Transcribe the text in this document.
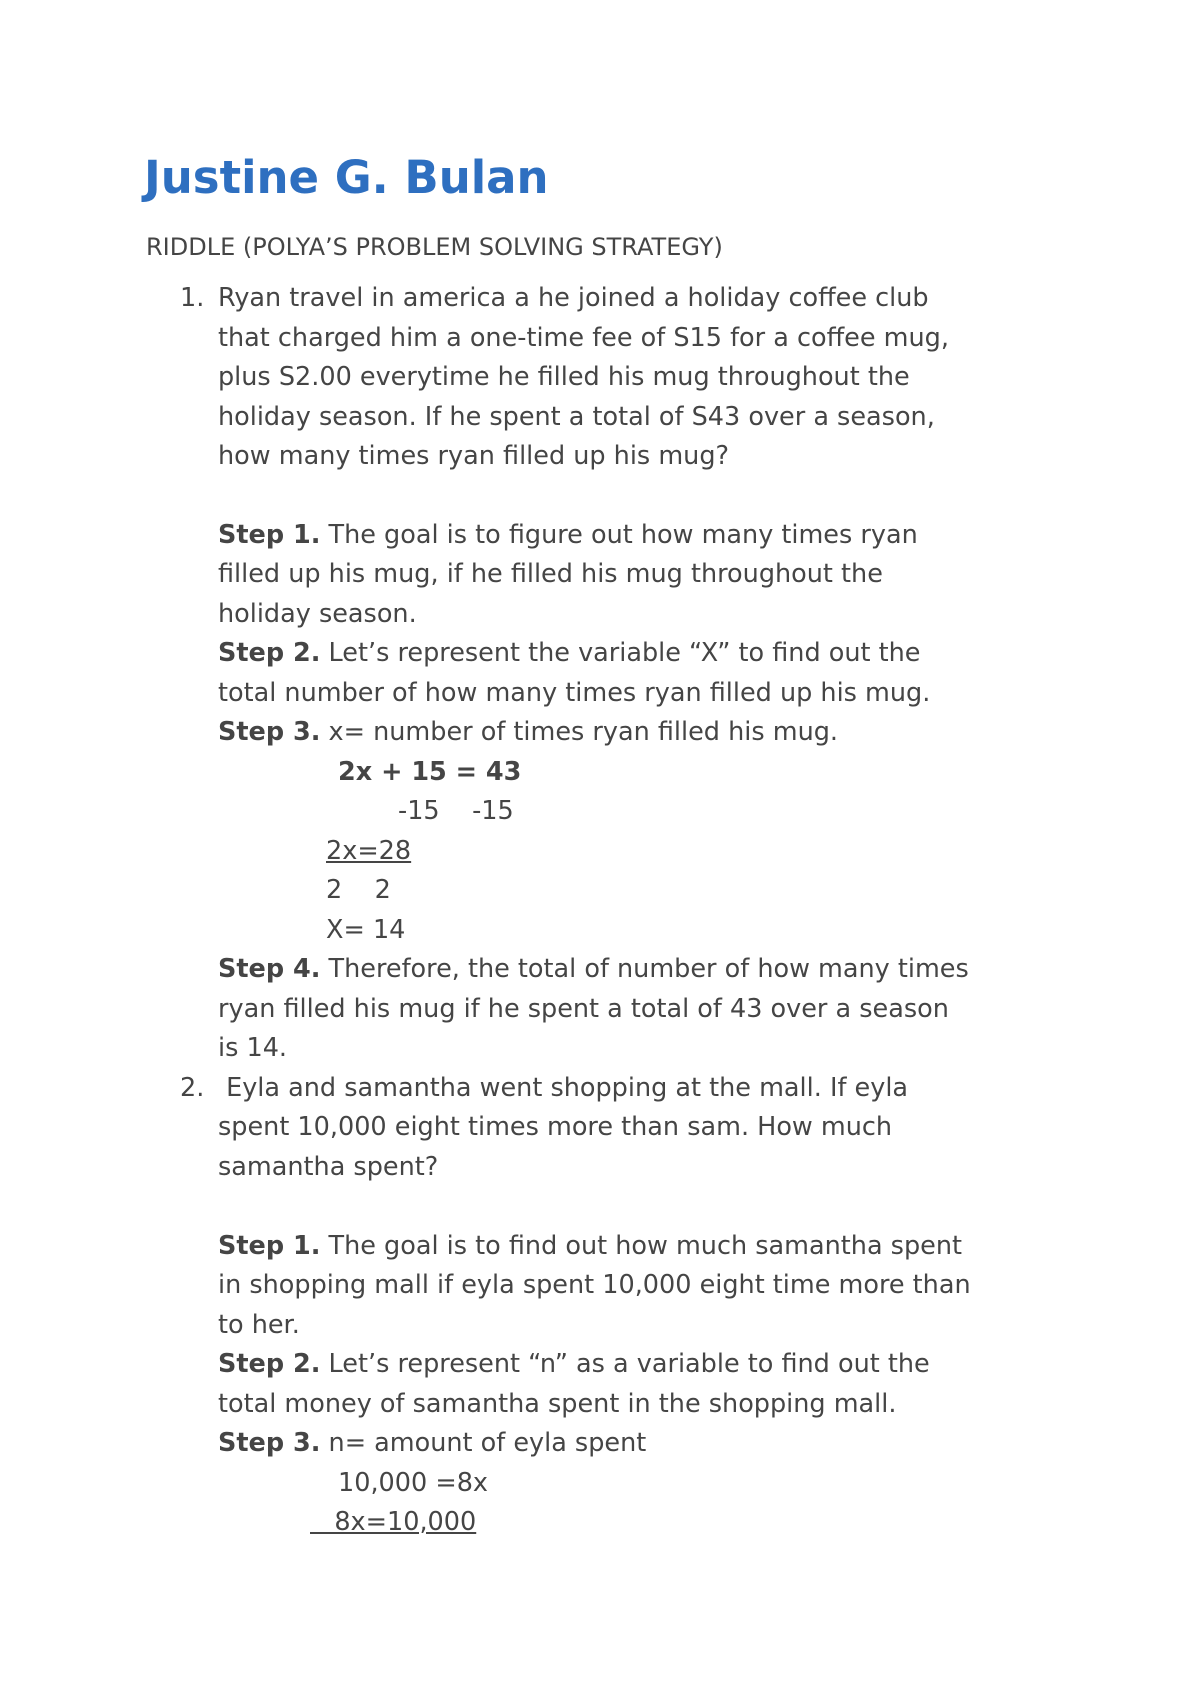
Justine G. Bulan
RIDDLE (POLYA’S PROBLEM SOLVING STRATEGY)
1. Ryan travel in america a he joined a holiday coffee club
that charged him a one-time fee of S15 for a coffee mug,
plus S2.00 everytime he filled his mug throughout the
holiday season. If he spent a total of S43 over a season,
how many times ryan filled up his mug?
Step 1. The goal is to figure out how many times ryan
filled up his mug, if he filled his mug throughout the
holiday season.
Step 2. Let’s represent the variable “X” to find out the
total number of how many times ryan filled up his mug.
Step 3. x= number of times ryan filled his mug.
2x + 15 = 43
-15    -15
2x=28
2    2
X= 14
Step 4. Therefore, the total of number of how many times
ryan filled his mug if he spent a total of 43 over a season
is 14.
2. Eyla and samantha went shopping at the mall. If eyla
spent 10,000 eight times more than sam. How much
samantha spent?
Step 1. The goal is to find out how much samantha spent
in shopping mall if eyla spent 10,000 eight time more than
to her.
Step 2. Let’s represent “n” as a variable to find out the
total money of samantha spent in the shopping mall.
Step 3. n= amount of eyla spent
10,000 =8x
8x=10,000
